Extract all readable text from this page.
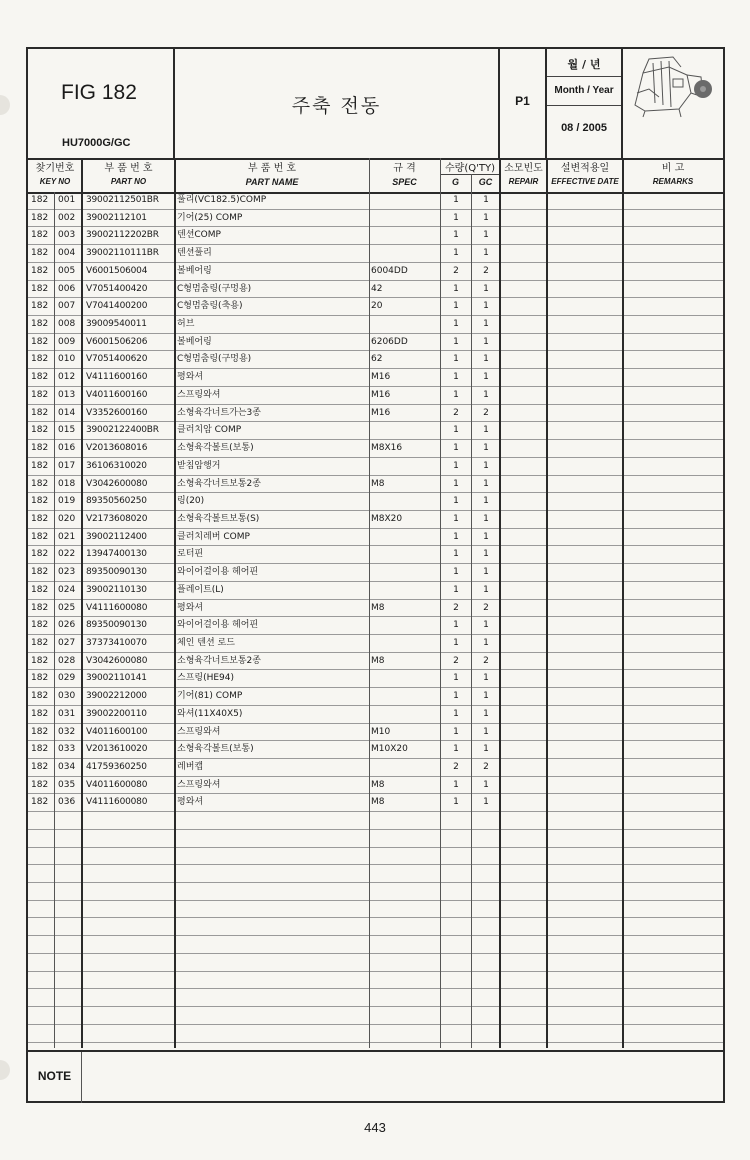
FIG 182
HU7000G/GC
주축 전동	P1
월 / 년
Month / Year
08 / 2005
찾기번호
KEY NO
부 품 번 호
PART NO
부 품 번 호
PART NAME
규 격
SPEC
수량(Q'TY)
G	GC
소모빈도
REPAIR
설변적용일
EFFECTIVE DATE
비 고
REMARKS
182	001	39002112501BR	풀리(VC182.5)COMP	1	1
182	002	39002112101	기어(25) COMP	1	1
182	003	39002112202BR	텐션COMP	1	1
182	004	39002110111BR	텐션풀리	1	1
182	005	V6001506004	볼베어링	6004DD	2	2
182	006	V7051400420	C형멈춤링(구멍용)	42	1	1
182	007	V7041400200	C형멈춤링(축용)	20	1	1
182	008	39009540011	허브	1	1
182	009	V6001506206	볼베어링	6206DD	1	1
182	010	V7051400620	C형멈춤링(구멍용)	62	1	1
182	012	V4111600160	평와셔	M16	1	1
182	013	V4011600160	스프링와셔	M16	1	1
182	014	V3352600160	소형육각너트가는3종	M16	2	2
182	015	39002122400BR	클러치암 COMP	1	1
182	016	V2013608016	소형육각볼트(보통)	M8X16	1	1
182	017	36106310020	받침암행거	1	1
182	018	V3042600080	소형육각너트보통2종	M8	1	1
182	019	89350560250	링(20)	1	1
182	020	V2173608020	소형육각볼트보통(S)	M8X20	1	1
182	021	39002112400	클러치레버 COMP	1	1
182	022	13947400130	로터핀	1	1
182	023	89350090130	와이어걸이용 헤어핀	1	1
182	024	39002110130	플레이트(L)	1	1
182	025	V4111600080	평와셔	M8	2	2
182	026	89350090130	와이어걸이용 헤어핀	1	1
182	027	37373410070	체인 텐션 로드	1	1
182	028	V3042600080	소형육각너트보통2종	M8	2	2
182	029	39002110141	스프링(HE94)	1	1
182	030	39002212000	기어(81) COMP	1	1
182	031	39002200110	와셔(11X40X5)	1	1
182	032	V4011600100	스프링와셔	M10	1	1
182	033	V2013610020	소형육각볼트(보통)	M10X20	1	1
182	034	41759360250	레버캡	2	2
182	035	V4011600080	스프링와셔	M8	1	1
182	036	V4111600080	평와셔	M8	1	1
NOTE
443
